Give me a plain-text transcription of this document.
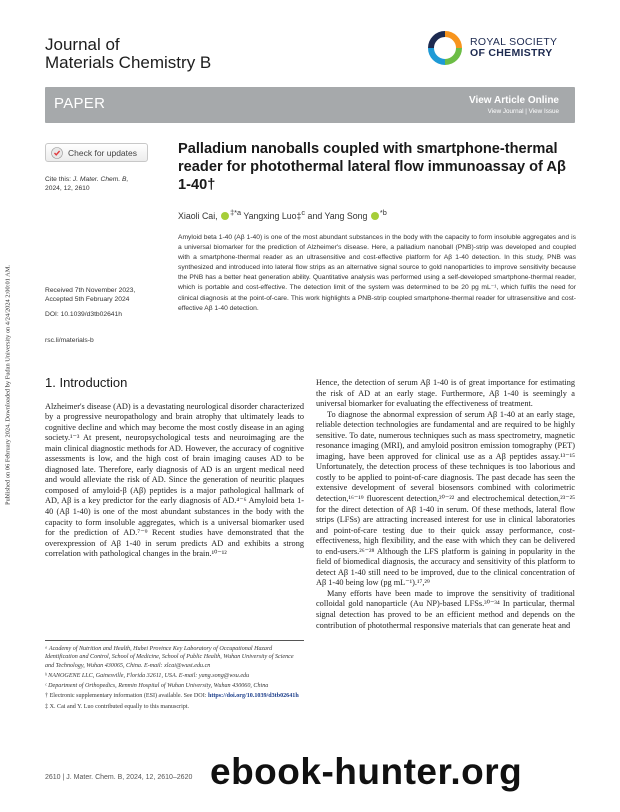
Published on 06 February 2024. Downloaded by Fudan University on 4/24/2024 2:00:01 AM.
Journal of
Materials Chemistry B
ROYAL SOCIETY
OF CHEMISTRY
PAPER	View Article Online
View Journal | View Issue
Check for updates
Cite this: J. Mater. Chem. B,
2024, 12, 2610
Received 7th November 2023,
Accepted 5th February 2024
DOI: 10.1039/d3tb02641h
rsc.li/materials-b
Palladium nanoballs coupled with smartphone-thermal reader for photothermal lateral flow immunoassay of Aβ 1-40†
Xiaoli Cai, $^{\ddagger*a}$ Yangxing Luo‡$^c$ and Yang Song $^{*b}$
Amyloid beta 1-40 (Aβ 1-40) is one of the most abundant substances in the body with the capacity to form insoluble aggregates and is a universal biomarker for the prediction of Alzheimer's disease. Here, a palladium nanoball (PNB)-strip was developed and coupled with a smartphone-thermal reader as an ultrasensitive and cost-effective platform for Aβ 1-40 detection. In this study, PNB was synthesized and introduced into lateral flow strips as an alternative signal source to gold nanoparticles to improve sensitivity because the PNB has a better heat generation ability. Quantitative analysis was performed using a self-developed smartphone-thermal reader, which is portable and cost-effective. The detection limit of the system was determined to be 20 pg mL⁻¹, which fulfils the need for clinical diagnosis at the point-of-care. This work highlights a PNB-strip coupled smartphone-thermal reader for ultrasensitive and cost-effective Aβ 1-40 detection.
1. Introduction

Alzheimer's disease (AD) is a devastating neurological disorder characterized by a progressive neuropathology and brain atrophy that ultimately leads to cognitive decline and which may become the most costly disease in an aging society.¹⁻³ At present, neuropsychological tests and neuroimaging are the main clinical diagnostic methods for AD. However, the accuracy of cognitive assessments is low, and the high cost of brain imaging causes AD to be diagnosed late. Therefore, early diagnosis of AD is an urgent medical need and would alleviate the risk of AD. Since the generation of neuritic plaques composed of amyloid-β (Aβ) peptides is a major pathological hallmark of AD, Aβ is a key predictor for the early diagnosis of AD.⁴⁻⁶ Amyloid beta 1-40 (Aβ 1-40) is one of the most abundant substances in the body with the capacity to form insoluble aggregates, which is a universal biomarker used for the prediction of AD.⁷⁻⁹ Recent studies have demonstrated that the overexpression of Aβ 1-40 in serum predicts AD and exhibits a strong correlation with pathological changes in the brain.¹⁰⁻¹²

Hence, the detection of serum Aβ 1-40 is of great importance for estimating the risk of AD at an early stage. Furthermore, Aβ 1-40 is seemingly a universal biomarker for evaluating the effectiveness of treatment.

To diagnose the abnormal expression of serum Aβ 1-40 at an early stage, reliable detection technologies are fundamental and are required to be highly sensitive. To date, numerous techniques such as mass spectrometry, magnetic resonance imaging (MRI), and amyloid positron emission tomography (PET) imaging, have been approved for clinical use as a Aβ peptides assay.¹³⁻¹⁵ Unfortunately, the detection process of these techniques is too laborious and costly to be applied to point-of-care diagnosis. The past decade has seen the extensive development of several biosensors combined with colorimetric detection,¹⁶⁻¹⁹ fluorescent detection,²⁰⁻²² and electrochemical detection,²³⁻²⁵ for the direct detection of Aβ 1-40 in serum. Of these methods, lateral flow strips (LFSs) are attracting increased interest for use in clinical laboratories and point-of-care testing due to their quick assay performance, cost-effectiveness, high flexibility, and the ease with which they can be delivered to end-users.²⁶⁻²⁸ Although the LFS platform is gaining in popularity in the field of biomedical diagnosis, the accuracy and sensitivity of this platform to detect Aβ 1-40 still need to be improved, due to the clinical concentration of Aβ 1-40 being low (pg mL⁻¹).¹⁷,²⁹

Many efforts have been made to improve the sensitivity of traditional colloidal gold nanoparticle (Au NP)-based LFSs.³⁰⁻³⁴ In particular, thermal signal detection has proved to be an efficient method and depends on the contribution of photothermal responsive materials that can generate heat and

ᵃ Academy of Nutrition and Health, Hubei Province Key Laboratory of Occupational Hazard Identification and Control, School of Medicine, School of Public Health, Wuhan University of Science and Technology, Wuhan 430065, China. E-mail: xlcai@wust.edu.cn
ᵇ NANOGENE LLC, Gainesville, Florida 32611, USA. E-mail: yang.song@wsu.edu
ᶜ Department of Orthopedics, Renmin Hospital of Wuhan University, Wuhan 430060, China
† Electronic supplementary information (ESI) available. See DOI: https://doi.org/10.1039/d3tb02641h
‡ X. Cai and Y. Luo contributed equally to this manuscript.
2610 | J. Mater. Chem. B, 2024, 12, 2610–2620 ebook-hunter.org
